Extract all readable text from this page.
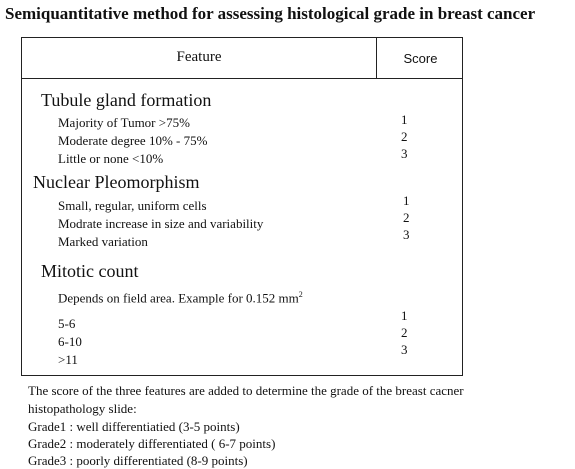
Semiquantitative method for assessing histological grade in breast cancer
Feature	Score
Tubule gland formation
Majority of Tumor >75%
Moderate degree 10% - 75%
Little or none <10%
1
2
3
Nuclear Pleomorphism
Small, regular, uniform cells
Modrate increase in size and variability
Marked variation
1
2
3
Mitotic count
Depends on field area. Example for 0.152 $mm^2$
5-6
6-10
>11
1
2
3
The score of the three features are added to determine the grade of the breast cacner
histopathology slide:
Grade1 : well differentiatied (3-5 points)
Grade2 : moderately differentiated ( 6-7 points)
Grade3 : poorly differentiated (8-9 points)
